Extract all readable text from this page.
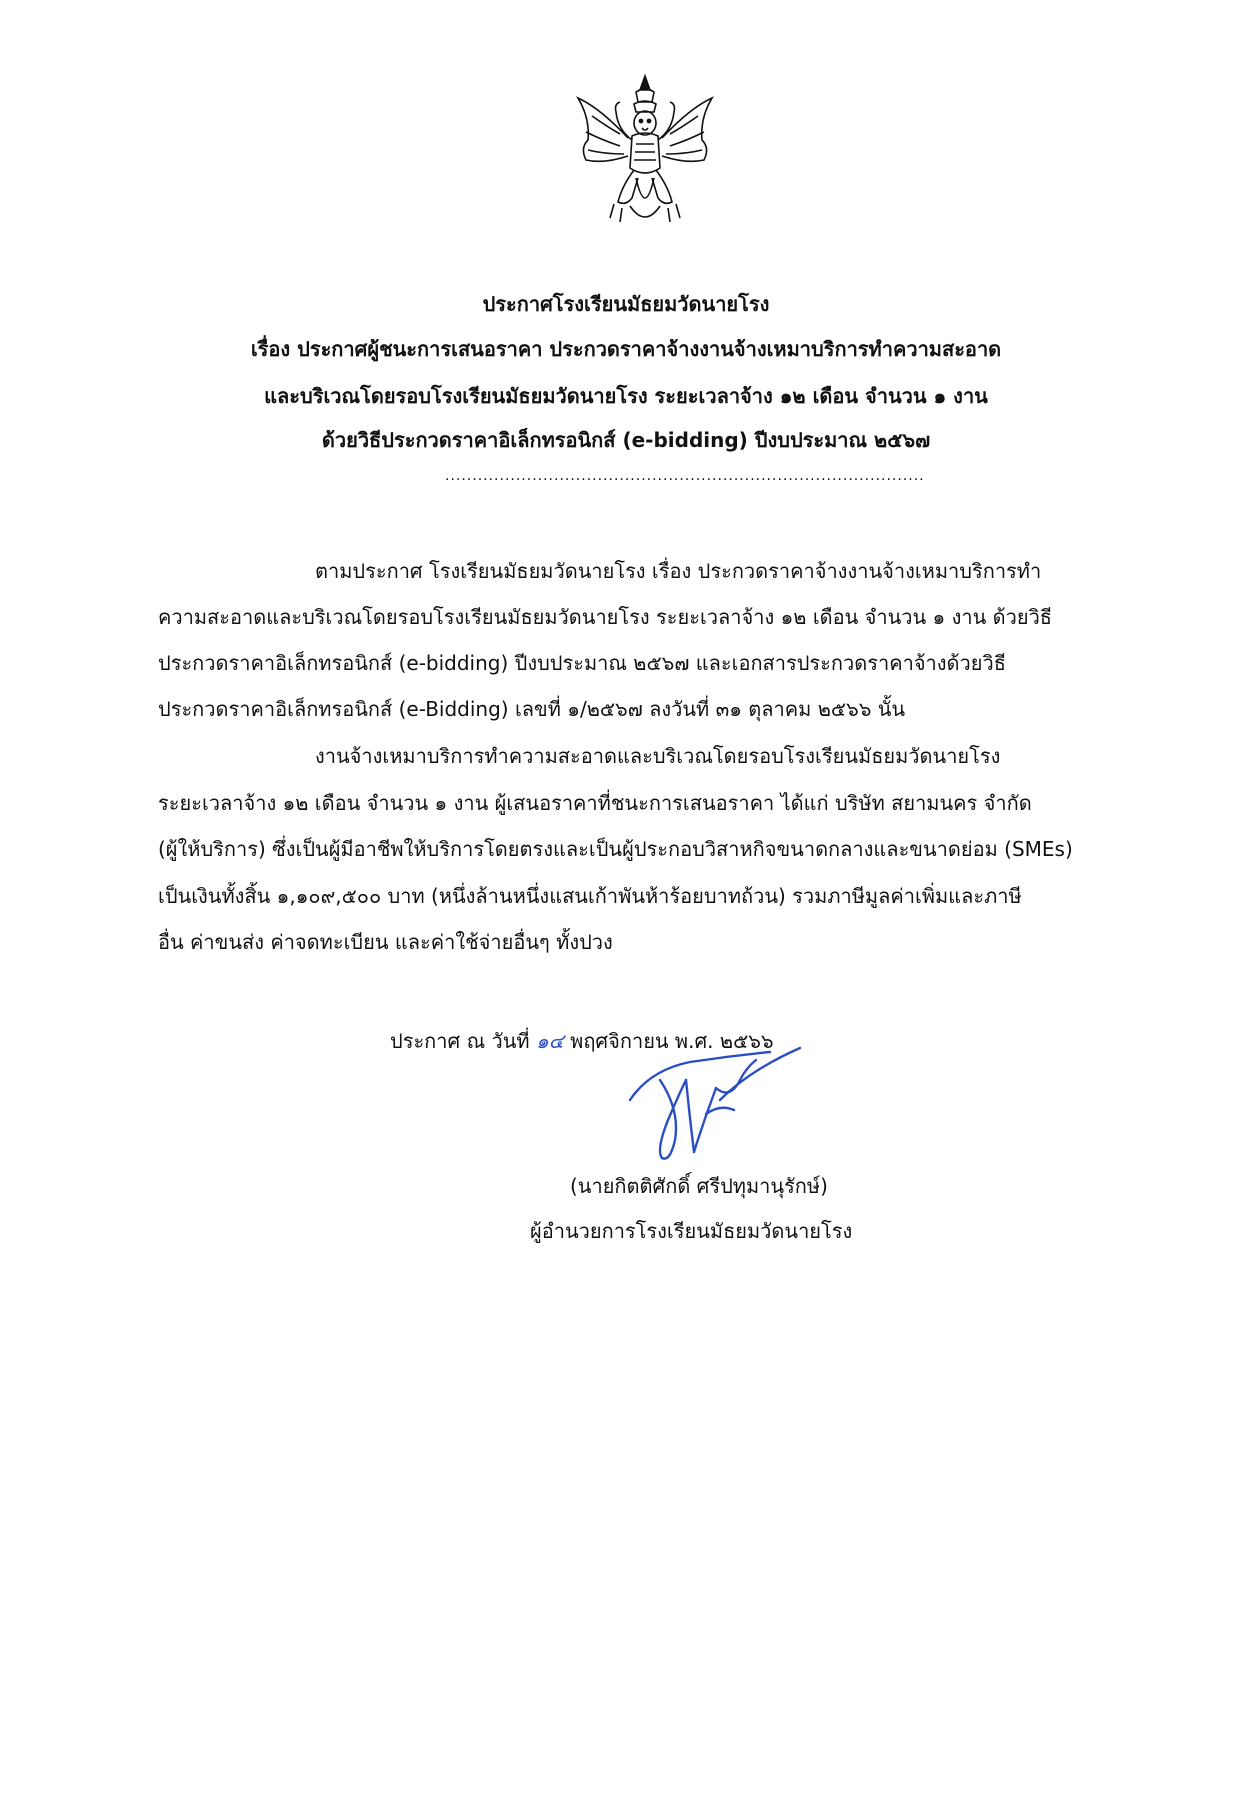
ประกาศโรงเรียนมัธยมวัดนายโรง
เรื่อง ประกาศผู้ชนะการเสนอราคา ประกวดราคาจ้างงานจ้างเหมาบริการทำความสะอาด
และบริเวณโดยรอบโรงเรียนมัธยมวัดนายโรง ระยะเวลาจ้าง ๑๒ เดือน จำนวน ๑ งาน
ด้วยวิธีประกวดราคาอิเล็กทรอนิกส์ (e-bidding) ปีงบประมาณ ๒๕๖๗
........................................................................................
ตามประกาศ โรงเรียนมัธยมวัดนายโรง เรื่อง ประกวดราคาจ้างงานจ้างเหมาบริการทำ
ความสะอาดและบริเวณโดยรอบโรงเรียนมัธยมวัดนายโรง ระยะเวลาจ้าง ๑๒ เดือน จำนวน ๑ งาน ด้วยวิธี
ประกวดราคาอิเล็กทรอนิกส์ (e-bidding) ปีงบประมาณ ๒๕๖๗ และเอกสารประกวดราคาจ้างด้วยวิธี
ประกวดราคาอิเล็กทรอนิกส์ (e-Bidding) เลขที่ ๑/๒๕๖๗ ลงวันที่ ๓๑ ตุลาคม ๒๕๖๖ นั้น
งานจ้างเหมาบริการทำความสะอาดและบริเวณโดยรอบโรงเรียนมัธยมวัดนายโรง
ระยะเวลาจ้าง ๑๒ เดือน จำนวน ๑ งาน ผู้เสนอราคาที่ชนะการเสนอราคา ได้แก่ บริษัท สยามนคร จำกัด
(ผู้ให้บริการ) ซึ่งเป็นผู้มีอาชีพให้บริการโดยตรงและเป็นผู้ประกอบวิสาหกิจขนาดกลางและขนาดย่อม (SMEs)
เป็นเงินทั้งสิ้น ๑,๑๐๙,๕๐๐ บาท (หนึ่งล้านหนึ่งแสนเก้าพันห้าร้อยบาทถ้วน) รวมภาษีมูลค่าเพิ่มและภาษี
อื่น ค่าขนส่ง ค่าจดทะเบียน และค่าใช้จ่ายอื่นๆ ทั้งปวง
ประกาศ ณ วันที่ ๑๔ พฤศจิกายน พ.ศ. ๒๕๖๖
(นายกิตติศักดิ์ ศรีปทุมานุรักษ์)
ผู้อำนวยการโรงเรียนมัธยมวัดนายโรง
